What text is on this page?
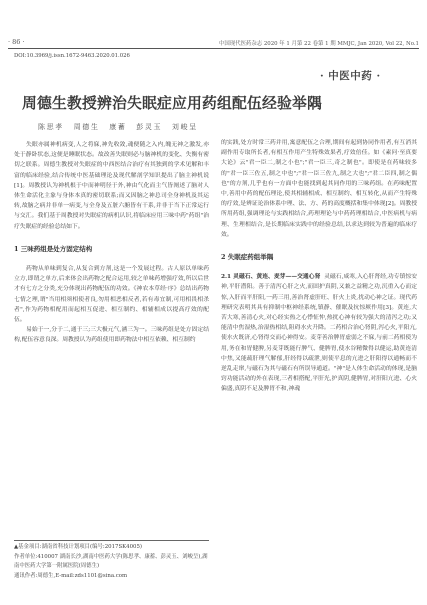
· 86 ·	中国现代医药杂志 2020 年 1 月第 22 卷第 1 期 MMJC, Jan 2020, Vol 22, No.1
DOI:10.3969/j.issn.1672-9463.2020.01.026
· 中医中药 ·
周德生教授辨治失眠症应用药组配伍经验举隅
陈思孝 周德生 康蓄 彭灵玉 刘峻呈

失眠亦属神机病变,人之将寐,神先收敛,魂便随之入内,魄无神之激发,亦处于静卧状态,这便是睡眠状态。故改善失眠则必与脑神机的变化、失衡有密切之联系。周德生教授对失眠症的中西医结合治疗有其独到的学术见解和丰富的临床经验,结合传统中医基础理论及现代解剖学知识提出了脑主神机说[1]。周教授认为神机根于中而神明径于外,神由气化而主气皆阐述了脑对人体生命活化主象与身体本真的密切联系;而又因脑之神总司全身神机及其运转,故脑之病并非单一病变,与全身及五脏六腑皆有干系,并非于当下正常运行与交汇。我们基于周教授对失眠症的病机认识,将临床应用三味中药"药组"治疗失眠症的经验总结如下。

1 三味药组是处方固定结构

药物从单味到复合,从复合到方剂,这是一个发展过程。古人原以单味药立方,即谓之单方,后来体会出药物之配合运用,较之单味药增强疗效,所以后世才有七方之分类,充分体现出药物配伍的功效。《神农本草经·序》总结出药物七情之理,谓"当用相须相使者良,勿用相恶相反者,若有毒宜制,可用相畏相杀者",作为药物相配用而起相互促进、相互制约、相辅相成以提高疗效的配伍。

易始于一,分于二,通于三;三大极元气,涵三为一。三味药组是处方固定结构,配伍容意良深。周教授认为药组使用即药物法中相互依赖、相互制约

的实践,处方时常三药并用,寓意配伍之合理,期间有起到协同作用者,有互消其副作用专取所长者,有相互作用产生特殊效果者,疗效倍佳。如《素问·至真要大论》云"君一臣二,制之小也";"君一臣三,奇之制也"。即使是在药味较多的"君一臣三佐五,制之中也";"君一臣三佐九,制之大也";"君二臣四,制之偶也"的方剂,几乎也有一方面中也能找到起其同作用的三味药组。在药味配置中,善用中药的配伍理论,使其相辅相成、相互制约、相互转化,从而产生特殊的疗效,是辨证论治体系中理、法、方、药的高度概括和集中体现[2]。周教授所用药组,强调理论与实践相结合,药理理论与中药药理相结合,中医病机与病理、生理相结合,是长期临床实践中的经验总结,以求达到较为普遍的临床疗效。

2 失眠症药组举隅

2.1 灵磁石、黄连、麦芽——交通心肾 灵磁石,咸寒,入心肝肾经,功专镇惊安神,平肝潜阳。善于清泻心肝之火,而固护真阴,又兼之益精之功,沉重入心而定惊,入肝而平肝阳,一药三用,善治肾虚肝旺、肝火上炎,扰动心神之证。现代药理研究表明其具有抑制中枢神经系统,镇静、催眠及抗惊厥作用[3]。黄连,大苦大寒,善清心火,对心经实热之心悸怔忡,热扰心神有较为强大的清泻之功;又能清中焦湿热,治湿热相结,阻碍水火升降。二药相合治心肾阴,泻心火,平阳亢,使水火既济,心肾得交而心神得安。麦芽善治脾胃虚弱之不寐,与前二药相使为用,务在和胃健脾,另麦芽既能行脾气、健脾胃,使水谷精微得以健运,助黄连清中焦,又能疏肝理气解郁,肝经得以疏泄,则使平息的亢进之肝阳得以通畅而不逆乱走窜,与磁石为其与磁石有所误导通道。"神"是人体生命活动的体现,是脑窍功能活动的外在表现,三者相搭配,平肝光,护真阴,健脾胃,对肝阳亢进、心火偏盛,真阴不足及脾胃不和,神魂

▲基金项目:湖南省科技计划项目(编号:2017SK4005)
作者单位:410007 湖南长沙,湖南中医药大学(陈思孝、康蓄、彭灵玉、刘峻呈),湖南中医药大学第一附属医院(周德生)
通讯作者:周德生,E-mail:zds1101@sina.com
